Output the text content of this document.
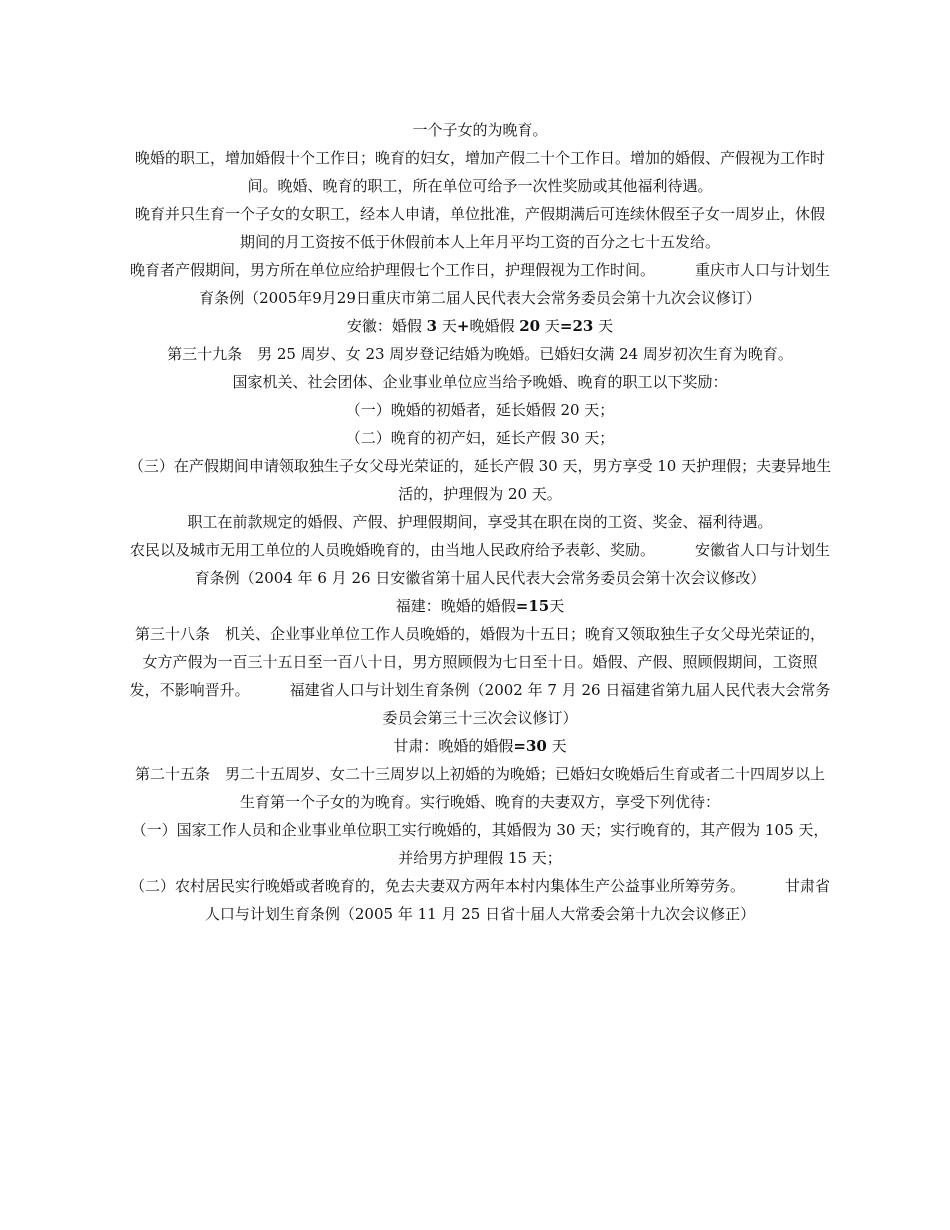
一个子女的为晚育。

晚婚的职工，增加婚假十个工作日；晚育的妇女，增加产假二十个工作日。增加的婚假、产假视为工作时间。晚婚、晚育的职工，所在单位可给予一次性奖励或其他福利待遇。

晚育并只生育一个子女的女职工，经本人申请，单位批准，产假期满后可连续休假至子女一周岁止，休假期间的月工资按不低于休假前本人上年月平均工资的百分之七十五发给。

晚育者产假期间，男方所在单位应给护理假七个工作日，护理假视为工作时间。	重庆市人口与计划生育条例（2005年9月29日重庆市第二届人民代表大会常务委员会第十九次会议修订）

安徽：婚假 3 天+晚婚假 20 天=23 天

第三十九条　男 25 周岁、女 23 周岁登记结婚为晚婚。已婚妇女满 24 周岁初次生育为晚育。

国家机关、社会团体、企业事业单位应当给予晚婚、晚育的职工以下奖励：

（一）晚婚的初婚者，延长婚假 20 天；

（二）晚育的初产妇，延长产假 30 天；

（三）在产假期间申请领取独生子女父母光荣证的，延长产假 30 天，男方享受 10 天护理假；夫妻异地生活的，护理假为 20 天。

职工在前款规定的婚假、产假、护理假期间，享受其在职在岗的工资、奖金、福利待遇。

农民以及城市无用工单位的人员晚婚晚育的，由当地人民政府给予表彰、奖励。	安徽省人口与计划生育条例（2004 年 6 月 26 日安徽省第十届人民代表大会常务委员会第十次会议修改）

福建：晚婚的婚假=15天

第三十八条　机关、企业事业单位工作人员晚婚的，婚假为十五日；晚育又领取独生子女父母光荣证的，女方产假为一百三十五日至一百八十日，男方照顾假为七日至十日。婚假、产假、照顾假期间，工资照发，不影响晋升。	福建省人口与计划生育条例（2002 年 7 月 26 日福建省第九届人民代表大会常务委员会第三十三次会议修订）

甘肃：晚婚的婚假=30 天

第二十五条　男二十五周岁、女二十三周岁以上初婚的为晚婚；已婚妇女晚婚后生育或者二十四周岁以上生育第一个子女的为晚育。实行晚婚、晚育的夫妻双方，享受下列优待：

（一）国家工作人员和企业事业单位职工实行晚婚的，其婚假为 30 天；实行晚育的，其产假为 105 天，并给男方护理假 15 天；

（二）农村居民实行晚婚或者晚育的，免去夫妻双方两年本村内集体生产公益事业所筹劳务。	甘肃省人口与计划生育条例（2005 年 11 月 25 日省十届人大常委会第十九次会议修正）
